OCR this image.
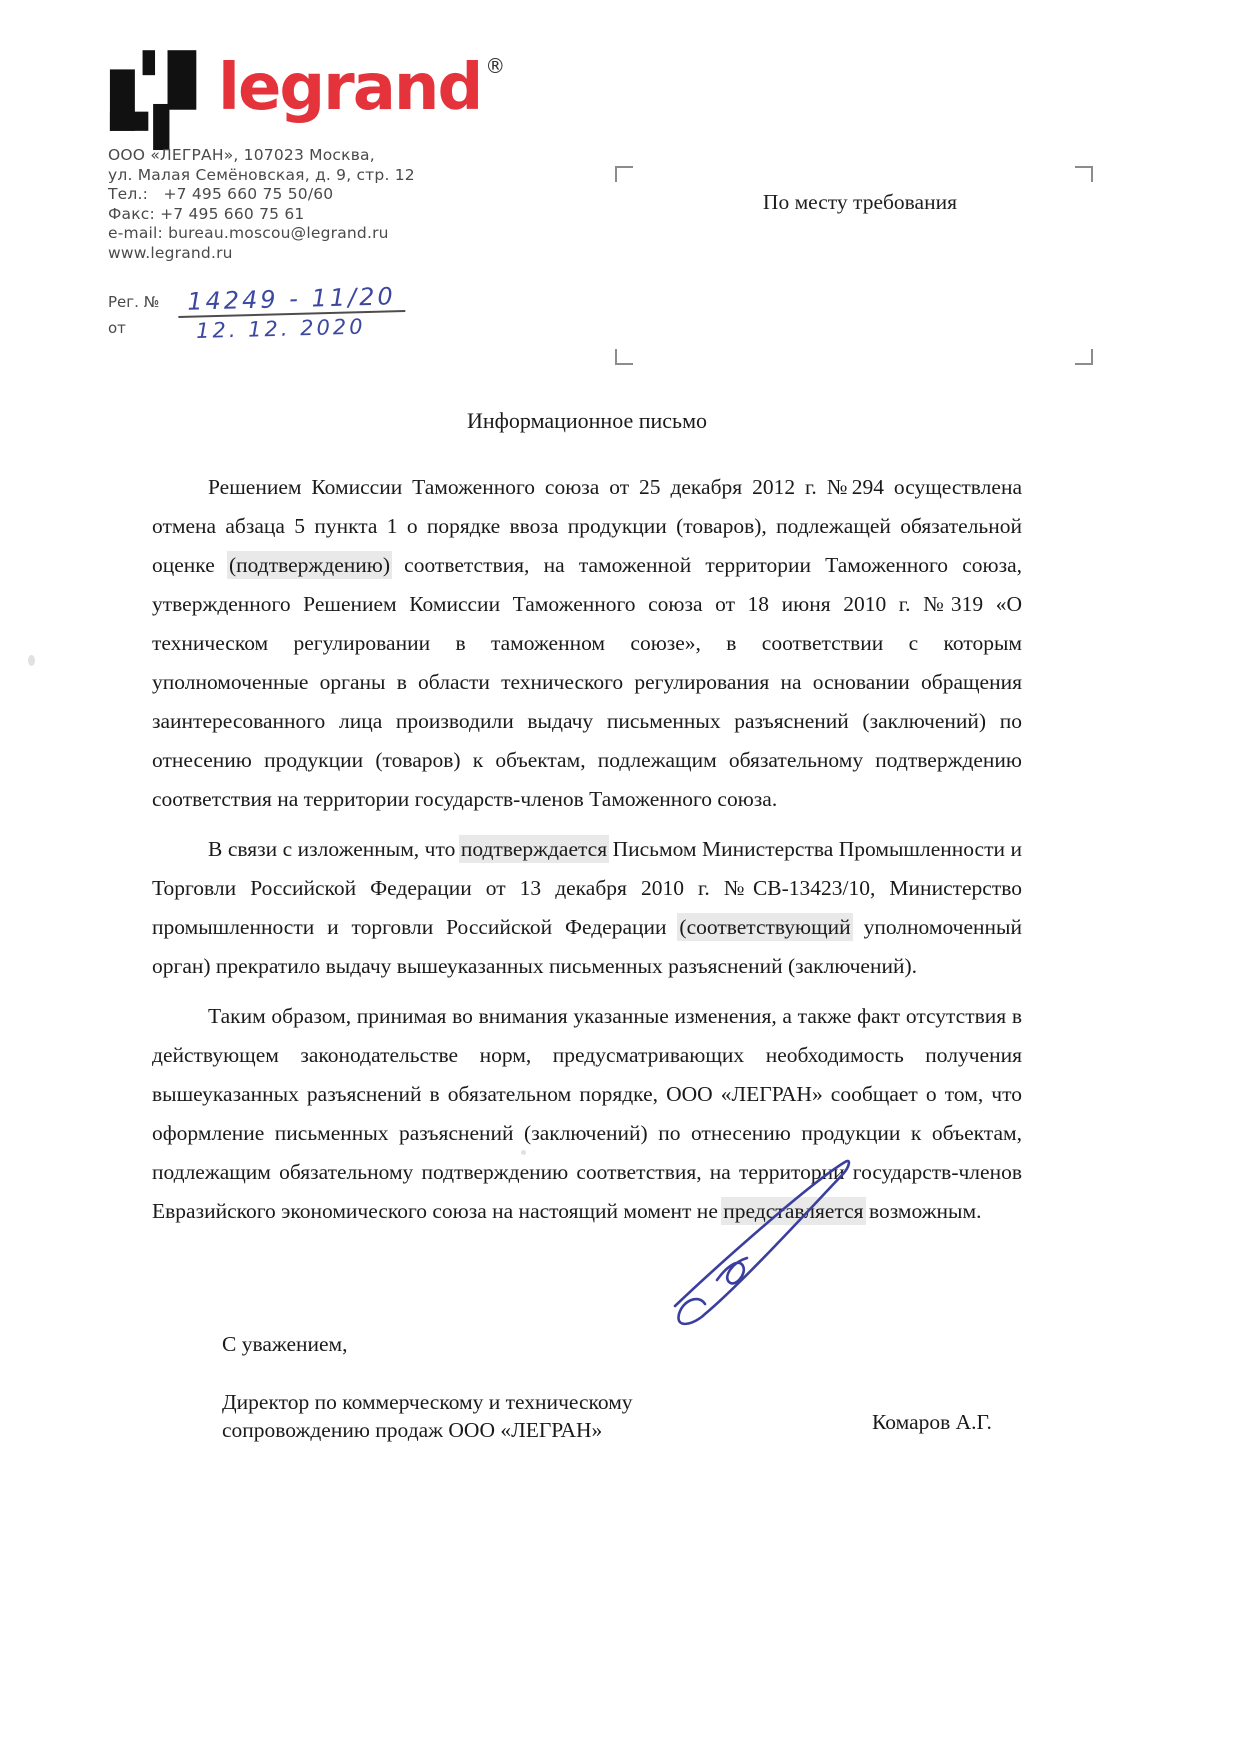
legrand ®
ООО «ЛЕГРАН», 107023 Москва,
ул. Малая Семёновская, д. 9, стр. 12
Тел.:   +7 495 660 75 50/60
Факс: +7 495 660 75 61
e-mail: bureau.moscou@legrand.ru
www.legrand.ru
Рег. №	14249 - 11/20
от	12. 12. 2020
По месту требования
Информационное письмо

Решением Комиссии Таможенного союза от 25 декабря 2012 г. №294 осуществлена отмена абзаца 5 пункта 1 о порядке ввоза продукции (товаров), подлежащей обязательной оценке (подтверждению) соответствия, на таможенной территории Таможенного союза, утвержденного Решением Комиссии Таможенного союза от 18 июня 2010 г. №319 «О техническом регулировании в таможенном союзе», в соответствии с которым уполномоченные органы в области технического регулирования на основании обращения заинтересованного лица производили выдачу письменных разъяснений (заключений) по отнесению продукции (товаров) к объектам, подлежащим обязательному подтверждению соответствия на территории государств-членов Таможенного союза.

В связи с изложенным, что подтверждается Письмом Министерства Промышленности и Торговли Российской Федерации от 13 декабря 2010 г. №СВ-13423/10, Министерство промышленности и торговли Российской Федерации (соответствующий уполномоченный орган) прекратило выдачу вышеуказанных письменных разъяснений (заключений).

Таким образом, принимая во внимания указанные изменения, а также факт отсутствия в действующем законодательстве норм, предусматривающих необходимость получения вышеуказанных разъяснений в обязательном порядке, ООО «ЛЕГРАН» сообщает о том, что оформление письменных разъяснений (заключений) по отнесению продукции к объектам, подлежащим обязательному подтверждению соответствия, на территории государств-членов Евразийского экономического союза на настоящий момент не представляется возможным.

С уважением,
Директор по коммерческому и техническому
сопровождению продаж ООО «ЛЕГРАН»	Комаров А.Г.
